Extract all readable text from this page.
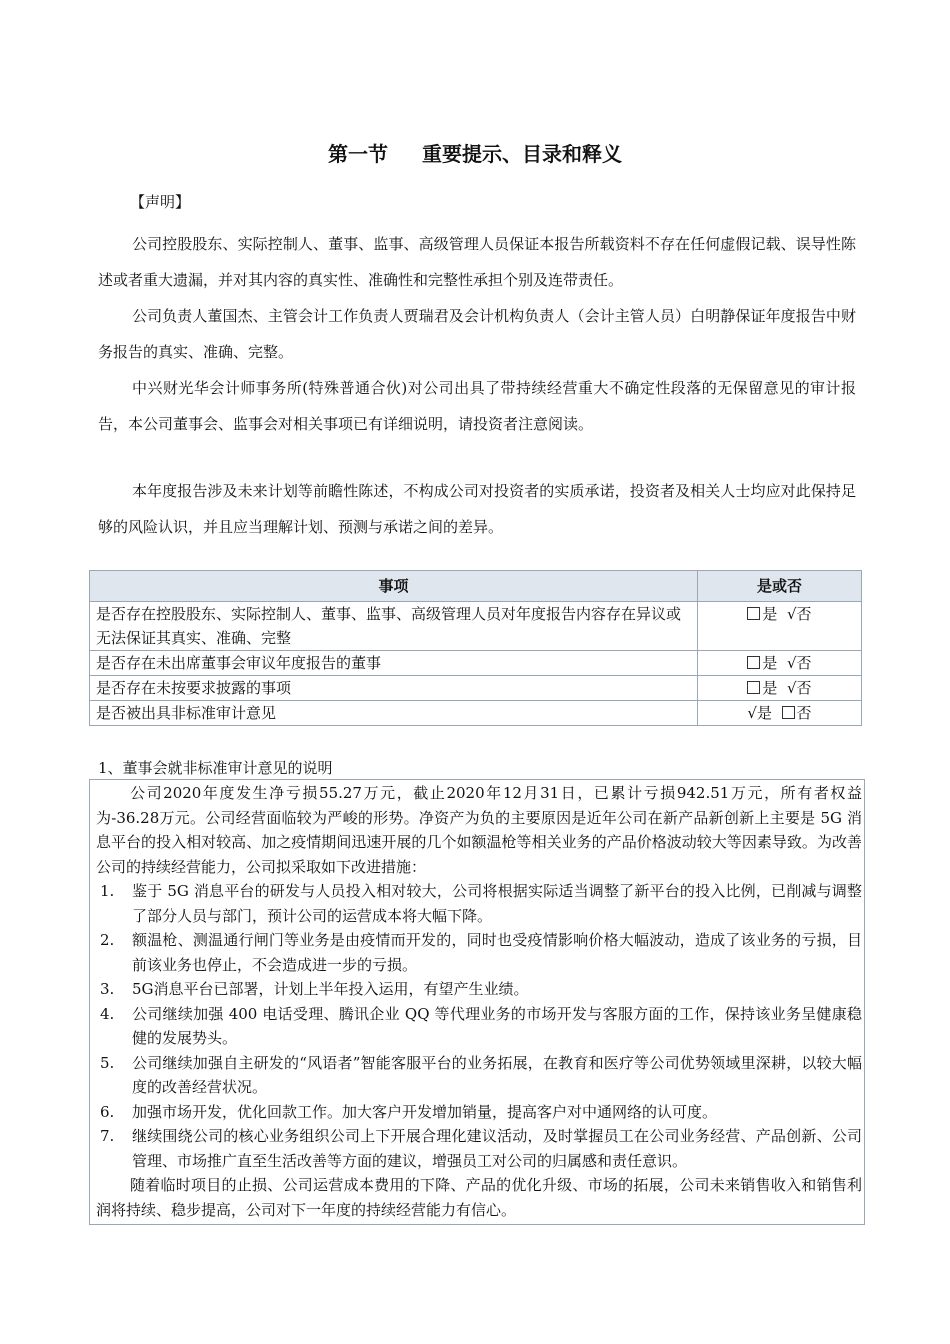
第一节 重要提示、目录和释义
【声明】

公司控股股东、实际控制人、董事、监事、高级管理人员保证本报告所载资料不存在任何虚假记载、误导性陈述或者重大遗漏，并对其内容的真实性、准确性和完整性承担个别及连带责任。

公司负责人董国杰、主管会计工作负责人贾瑞君及会计机构负责人（会计主管人员）白明静保证年度报告中财务报告的真实、准确、完整。

中兴财光华会计师事务所(特殊普通合伙)对公司出具了带持续经营重大不确定性段落的无保留意见的审计报告，本公司董事会、监事会对相关事项已有详细说明，请投资者注意阅读。

本年度报告涉及未来计划等前瞻性陈述，不构成公司对投资者的实质承诺，投资者及相关人士均应对此保持足够的风险认识，并且应当理解计划、预测与承诺之间的差异。

事项	是或否
是否存在控股股东、实际控制人、董事、监事、高级管理人员对年度报告内容存在异议或无法保证其真实、准确、完整	是 √否
是否存在未出席董事会审议年度报告的董事	是 √否
是否存在未按要求披露的事项	是 √否
是否被出具非标准审计意见	√是 否
1、董事会就非标准审计意见的说明

公司2020年度发生净亏损55.27万元，截止2020年12月31日，已累计亏损942.51万元，所有者权益为-36.28万元。公司经营面临较为严峻的形势。净资产为负的主要原因是近年公司在新产品新创新上主要是 5G 消息平台的投入相对较高、加之疫情期间迅速开展的几个如额温枪等相关业务的产品价格波动较大等因素导致。为改善公司的持续经营能力，公司拟采取如下改进措施：

1. 鉴于 5G 消息平台的研发与人员投入相对较大，公司将根据实际适当调整了新平台的投入比例，已削减与调整了部分人员与部门，预计公司的运营成本将大幅下降。
2. 额温枪、测温通行闸门等业务是由疫情而开发的，同时也受疫情影响价格大幅波动，造成了该业务的亏损，目前该业务也停止，不会造成进一步的亏损。
3. 5G消息平台已部署，计划上半年投入运用，有望产生业绩。
4. 公司继续加强 400 电话受理、腾讯企业 QQ 等代理业务的市场开发与客服方面的工作，保持该业务呈健康稳健的发展势头。
5. 公司继续加强自主研发的“风语者”智能客服平台的业务拓展，在教育和医疗等公司优势领域里深耕，以较大幅度的改善经营状况。
6. 加强市场开发，优化回款工作。加大客户开发增加销量，提高客户对中通网络的认可度。
7. 继续围绕公司的核心业务组织公司上下开展合理化建议活动，及时掌握员工在公司业务经营、产品创新、公司管理、市场推广直至生活改善等方面的建议，增强员工对公司的归属感和责任意识。

随着临时项目的止损、公司运营成本费用的下降、产品的优化升级、市场的拓展，公司未来销售收入和销售利润将持续、稳步提高，公司对下一年度的持续经营能力有信心。
